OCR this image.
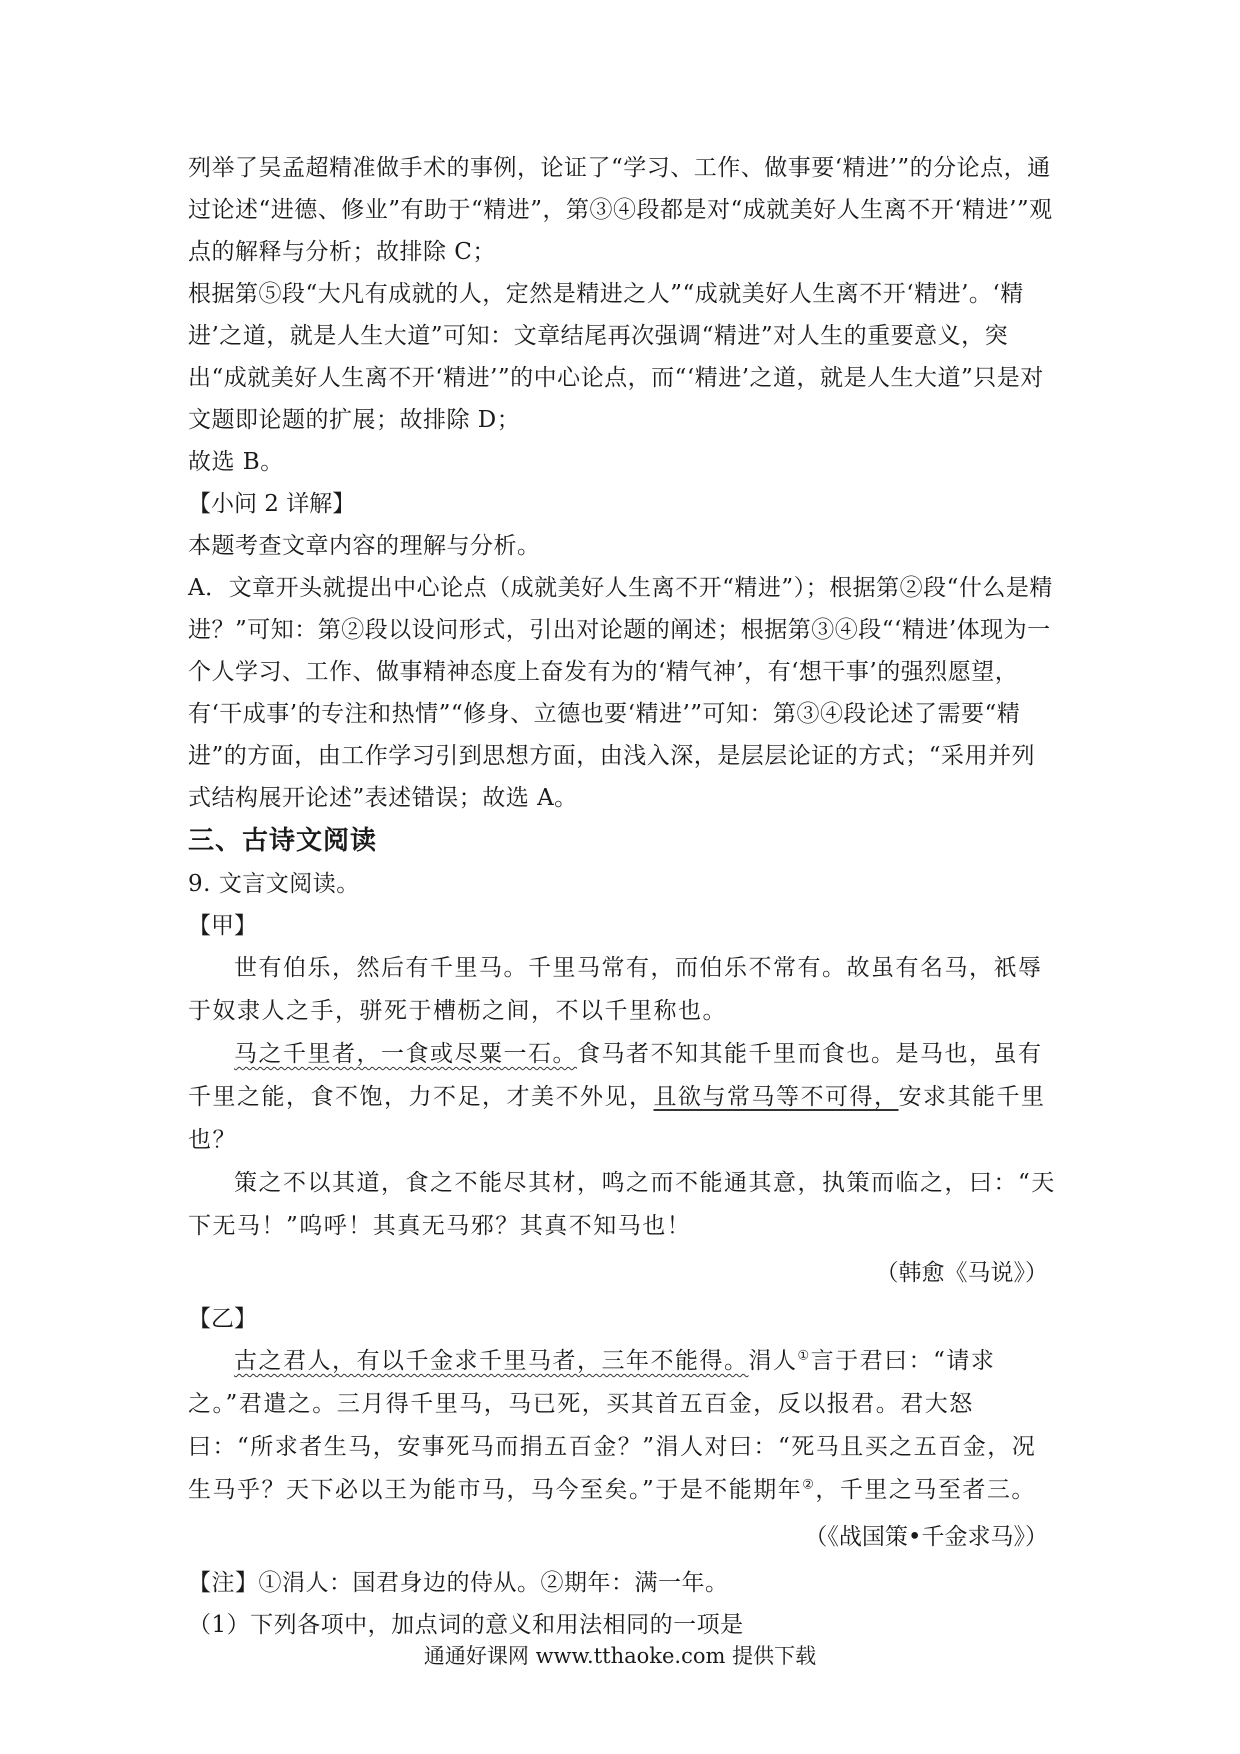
列举了吴孟超精准做手术的事例，论证了“学习、工作、做事要‘精进’”的分论点，通过论述“进德、修业”有助于“精进”，第③④段都是对“成就美好人生离不开‘精进’”观点的解释与分析；故排除 C；

根据第⑤段“大凡有成就的人，定然是精进之人”“成就美好人生离不开‘精进’。‘精进’之道，就是人生大道”可知：文章结尾再次强调“精进”对人生的重要意义，突出“成就美好人生离不开‘精进’”的中心论点，而“‘精进’之道，就是人生大道”只是对文题即论题的扩展；故排除 D；

故选 B。

【小问 2 详解】

本题考查文章内容的理解与分析。

A．文章开头就提出中心论点（成就美好人生离不开“精进”）；根据第②段“什么是精进？”可知：第②段以设问形式，引出对论题的阐述；根据第③④段“‘精进’体现为一个人学习、工作、做事精神态度上奋发有为的‘精气神’，有‘想干事’的强烈愿望，有‘干成事’的专注和热情”“修身、立德也要‘精进’”可知：第③④段论述了需要“精进”的方面，由工作学习引到思想方面，由浅入深，是层层论证的方式；“采用并列式结构展开论述”表述错误；故选 A。

三、古诗文阅读

9. 文言文阅读。

【甲】

世有伯乐，然后有千里马。千里马常有，而伯乐不常有。故虽有名马，祇辱于奴隶人之手，骈死于槽枥之间，不以千里称也。

马之千里者，一食或尽粟一石。食马者不知其能千里而食也。是马也，虽有千里之能，食不饱，力不足，才美不外见，且欲与常马等不可得，安求其能千里也？

策之不以其道，食之不能尽其材，鸣之而不能通其意，执策而临之，曰：“天下无马！”呜呼！其真无马邪？其真不知马也！

（韩愈《马说》）

【乙】

古之君人，有以千金求千里马者，三年不能得。涓人①言于君曰：“请求之。”君遣之。三月得千里马，马已死，买其首五百金，反以报君。君大怒曰：“所求者生马，安事死马而捐五百金？”涓人对曰：“死马且买之五百金，况生马乎？天下必以王为能市马，马今至矣。”于是不能期年②，千里之马至者三。

（《战国策•千金求马》）

【注】①涓人：国君身边的侍从。②期年：满一年。

（1）下列各项中，加点词的意义和用法相同的一项是

通通好课网 www.tthaoke.com 提供下载
